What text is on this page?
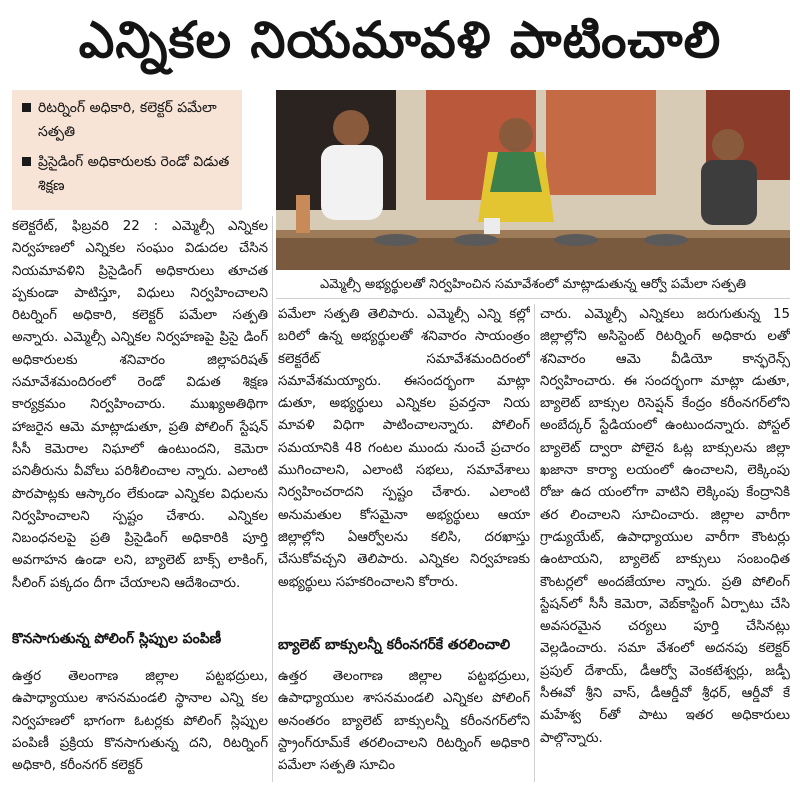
ఎన్నికల నియమావళి పాటించాలి
రిటర్నింగ్ అధికారి, కలెక్టర్ పమేలా సత్పతి
ప్రిసైడింగ్ అధికారులకు రెండో విడుత శిక్షణ
ఎమ్మెల్సీ అభ్యర్థులతో నిర్వహించిన సమావేశంలో మాట్లాడుతున్న ఆర్వో పమేలా సత్పతి

కలెక్టరేట్, ఫిబ్రవరి 22 : ఎమ్మెల్సీ ఎన్నికల నిర్వహణలో ఎన్నికల సంఘం విడుదల చేసిన నియమావళిని ప్రిసైడింగ్ అధికారులు తూచత ప్పకుండా పాటిస్తూ, విధులు నిర్వహించాలని రిటర్నింగ్ అధికారి, కలెక్టర్ పమేలా సత్పతి అన్నారు. ఎమ్మెల్సీ ఎన్నికల నిర్వహణపై ప్రిసై డింగ్ అధికారులకు శనివారం జిల్లాపరిషత్ సమావేశమందిరంలో రెండో విడుత శిక్షణ కార్యక్రమం నిర్వహించారు. ముఖ్యఅతిథిగా హాజరైన ఆమె మాట్లాడుతూ, ప్రతి పోలింగ్ స్టేషన్ సీసీ కెమెరాల నిఘాలో ఉంటుందని, కెమెరా పనితీరును వీవోలు పరిశీలించాల న్నారు. ఎలాంటి పొరపాట్లకు ఆస్కారం లేకుండా ఎన్నికల విధులను నిర్వహించాలని స్పష్టం చేశారు. ఎన్నికల నిబంధనలపై ప్రతి ప్రిసైడింగ్ అధికారికి పూర్తి అవగాహన ఉండా లని, బ్యాలెట్ బాక్స్ లాకింగ్, సీలింగ్ పక్కదం దీగా చేయాలని ఆదేశించారు.

కొనసాగుతున్న పోలింగ్ స్లిప్పుల పంపిణీ

ఉత్తర తెలంగాణ జిల్లాల పట్టభద్రులు, ఉపాధ్యాయుల శాసనమండలి స్థానాల ఎన్ని కల నిర్వహణలో భాగంగా ఓటర్లకు పోలింగ్ స్లిప్పుల పంపిణీ ప్రక్రియ కొనసాగుతున్న దని, రిటర్నింగ్ అధికారి, కరీంనగర్ కలెక్టర్

పమేలా సత్పతి తెలిపారు. ఎమ్మెల్సీ ఎన్ని కల్లో బరిలో ఉన్న అభ్యర్థులతో శనివారం సాయంత్రం కలెక్టరేట్ సమావేశమందిరంలో సమావేశమయ్యారు. ఈసందర్భంగా మాట్లా డుతూ, అభ్యర్థులు ఎన్నికల ప్రవర్తనా నియ మావళి విధిగా పాటించాలన్నారు. పోలింగ్ సమయానికి 48 గంటల ముందు నుంచే ప్రచారం ముగించాలని, ఎలాంటి సభలు, సమావేశాలు నిర్వహించరాదని స్పష్టం చేశారు. ఎలాంటి అనుమతుల కోసమైనా అభ్యర్థులు ఆయా జిల్లాల్లోని ఏఆర్వోలను కలిసి, దరఖాస్తు చేసుకోవచ్చని తెలిపారు. ఎన్నికల నిర్వహణకు అభ్యర్థులు సహకరించాలని కోరారు.

బ్యాలెట్ బాక్సులన్నీ కరీంనగర్‌కే తరలించాలి

ఉత్తర తెలంగాణ జిల్లాల పట్టభద్రులు, ఉపాధ్యాయుల శాసనమండలి ఎన్నికల పోలింగ్ అనంతరం బ్యాలెట్ బాక్సులన్నీ కరీంనగర్‌లోని స్ట్రాంగ్‌రూమ్‌కే తరలించాలని రిటర్నింగ్ అధికారి పమేలా సత్పతి సూచిం

చారు. ఎమ్మెల్సీ ఎన్నికలు జరుగుతున్న 15 జిల్లాల్లోని అసిస్టెంట్ రిటర్నింగ్ అధికారు లతో శనివారం ఆమె వీడియో కాన్ఫరెన్స్ నిర్వహించారు. ఈ సందర్భంగా మాట్లా డుతూ, బ్యాలెట్ బాక్సుల రిసెప్షన్ కేంద్రం కరీంనగర్‌లోని అంబేద్కర్ స్టేడియంలో ఉంటుందన్నారు. పోస్టల్ బ్యాలెట్ ద్వారా పోలైన ఓట్ల బాక్సులను జిల్లా ఖజానా కార్యా లయంలో ఉంచాలని, లెక్కింపు రోజు ఉద యంలోగా వాటిని లెక్కింపు కేంద్రానికి తర లించాలని సూచించారు. జిల్లాల వారీగా గ్రాడ్యుయేట్, ఉపాధ్యాయుల వారీగా కౌంటర్లు ఉంటాయని, బ్యాలెట్ బాక్సులు సంబంధిత కౌంటర్లలో అందజేయాల న్నారు. ప్రతి పోలింగ్ స్టేషన్‌లో సీసీ కెమెరా, వెబ్‌కాస్టింగ్ ఏర్పాటు చేసి అవసరమైన చర్యలు పూర్తి చేసినట్లు వెల్లడించారు. సమా వేశంలో అదనపు కలెక్టర్ ప్రపుల్ దేశాయ్, డీఆర్వో వెంకటేశ్వర్లు, జడ్పీ సీఈవో శ్రీని వాస్, డీఆర్డీవో శ్రీధర్, ఆర్డీవో కే మహేశ్వ ర్‌తో పాటు ఇతర అధికారులు పాల్గొన్నారు.
